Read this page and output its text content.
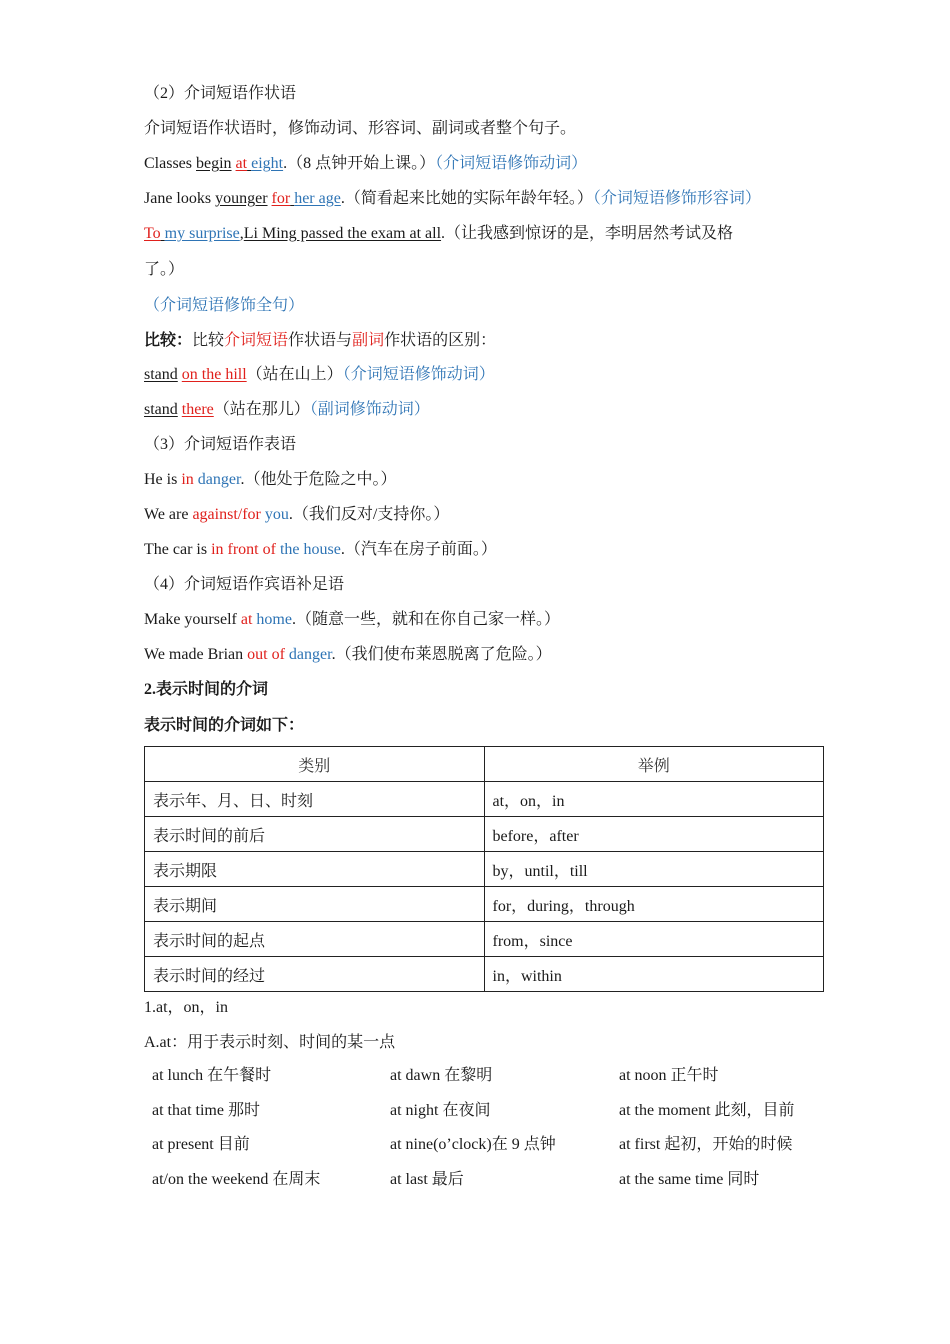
（2）介词短语作状语
介词短语作状语时，修饰动词、形容词、副词或者整个句子。
Classes begin at eight.（8 点钟开始上课。）（介词短语修饰动词）
Jane looks younger for her age.（简看起来比她的实际年龄年轻。）（介词短语修饰形容词）
To my surprise,Li Ming passed the exam at all.（让我感到惊讶的是，李明居然考试及格
了。）
（介词短语修饰全句）
比较：比较介词短语作状语与副词作状语的区别：
stand on the hill（站在山上）（介词短语修饰动词）
stand there（站在那儿）（副词修饰动词）
（3）介词短语作表语
He is in danger.（他处于危险之中。）
We are against/for you.（我们反对/支持你。）
The car is in front of the house.（汽车在房子前面。）
（4）介词短语作宾语补足语
Make yourself at home.（随意一些，就和在你自己家一样。）
We made Brian out of danger.（我们使布莱恩脱离了危险。）
2.表示时间的介词
表示时间的介词如下：
类别	举例
表示年、月、日、时刻	at，on，in
表示时间的前后	before，after
表示期限	by，until，till
表示期间	for，during，through
表示时间的起点	from，since
表示时间的经过	in，within
1.at，on，in
A.at：用于表示时刻、时间的某一点
at lunch 在午餐时	at dawn 在黎明	at noon 正午时
at that time 那时	at night 在夜间	at the moment 此刻，目前
at present 目前	at nine(o’clock)在 9 点钟	at first 起初，开始的时候
at/on the weekend 在周末	at last 最后	at the same time 同时
